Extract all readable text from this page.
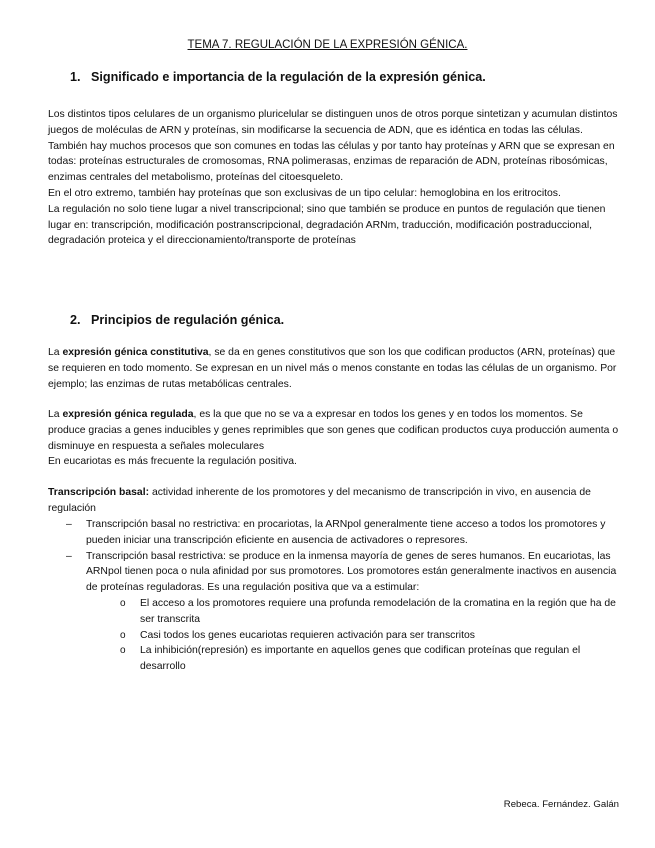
TEMA 7. REGULACIÓN DE LA EXPRESIÓN GÉNICA.
1. Significado e importancia de la regulación de la expresión génica.

Los distintos tipos celulares de un organismo pluricelular se distinguen unos de otros porque sintetizan y acumulan distintos juegos de moléculas de ARN y proteínas, sin modificarse la secuencia de ADN, que es idéntica en todas las células.

También hay muchos procesos que son comunes en todas las células y por tanto hay proteínas y ARN que se expresan en todas: proteínas estructurales de cromosomas, RNA polimerasas, enzimas de reparación de ADN, proteínas ribosómicas, enzimas centrales del metabolismo, proteínas del citoesqueleto.

En el otro extremo, también hay proteínas que son exclusivas de un tipo celular: hemoglobina en los eritrocitos.

La regulación no solo tiene lugar a nivel transcripcional; sino que también se produce en puntos de regulación que tienen lugar en: transcripción, modificación postranscripcional, degradación ARNm, traducción, modificación postraduccional, degradación proteica y el direccionamiento/transporte de proteínas

2. Principios de regulación génica.

La expresión génica constitutiva, se da en genes constitutivos que son los que codifican productos (ARN, proteínas) que se requieren en todo momento. Se expresan en un nivel más o menos constante en todas las células de un organismo. Por ejemplo; las enzimas de rutas metabólicas centrales.

La expresión génica regulada, es la que que no se va a expresar en todos los genes y en todos los momentos. Se produce gracias a genes inducibles y genes reprimibles que son genes que codifican productos cuya producción aumenta o disminuye en respuesta a señales moleculares

En eucariotas es más frecuente la regulación positiva.

Transcripción basal: actividad inherente de los promotores y del mecanismo de transcripción in vivo, en ausencia de regulación

– Transcripción basal no restrictiva: en procariotas, la ARNpol generalmente tiene acceso a todos los promotores y pueden iniciar una transcripción eficiente en ausencia de activadores o represores.
– Transcripción basal restrictiva: se produce en la inmensa mayoría de genes de seres humanos. En eucariotas, las ARNpol tienen poca o nula afinidad por sus promotores. Los promotores están generalmente inactivos en ausencia de proteínas reguladoras. Es una regulación positiva que va a estimular:
o El acceso a los promotores requiere una profunda remodelación de la cromatina en la región que ha de ser transcrita
o Casi todos los genes eucariotas requieren activación para ser transcritos
o La inhibición(represión) es importante en aquellos genes que codifican proteínas que regulan el desarrollo
Rebeca. Fernández. Galán
